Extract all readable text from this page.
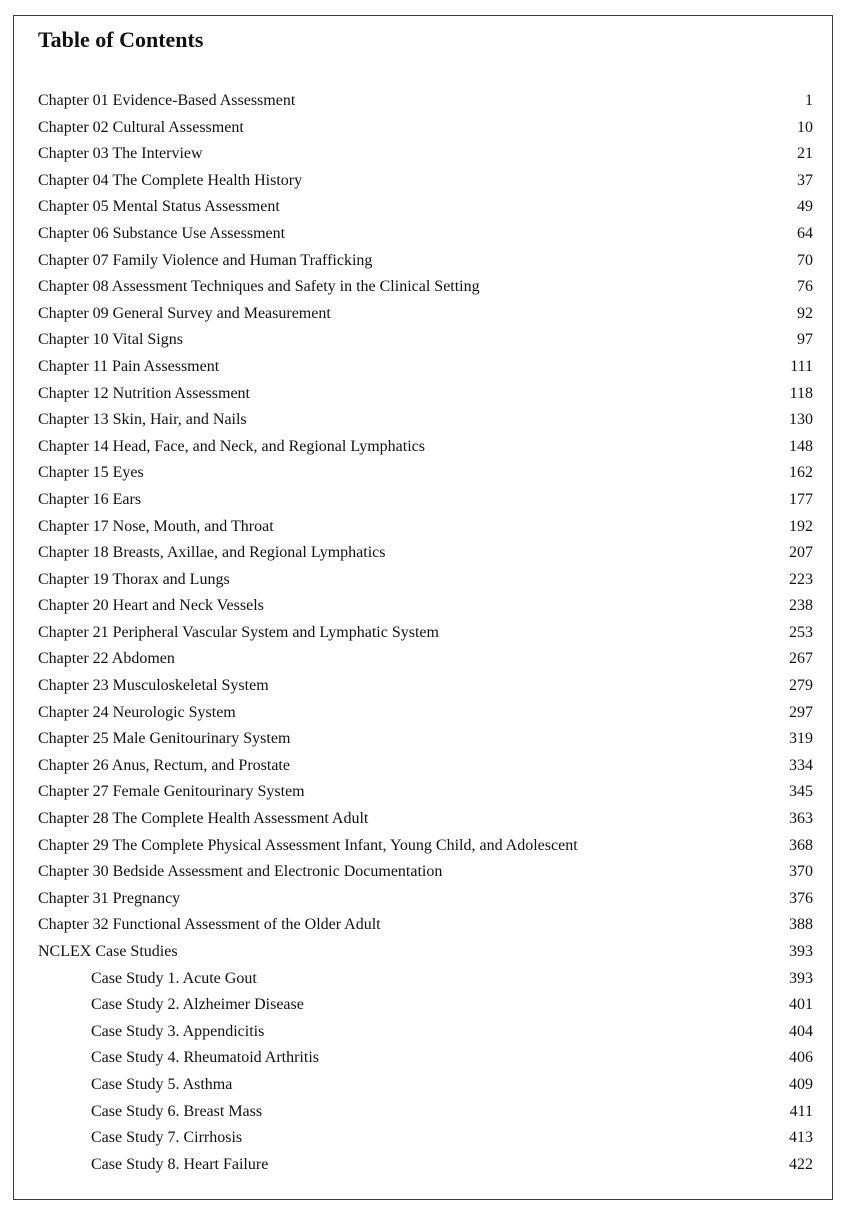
Table of Contents
Chapter 01 Evidence-Based Assessment	1
Chapter 02 Cultural Assessment	10
Chapter 03 The Interview	21
Chapter 04 The Complete Health History	37
Chapter 05 Mental Status Assessment	49
Chapter 06 Substance Use Assessment	64
Chapter 07 Family Violence and Human Trafficking	70
Chapter 08 Assessment Techniques and Safety in the Clinical Setting	76
Chapter 09 General Survey and Measurement	92
Chapter 10 Vital Signs	97
Chapter 11 Pain Assessment	111
Chapter 12 Nutrition Assessment	118
Chapter 13 Skin, Hair, and Nails	130
Chapter 14 Head, Face, and Neck, and Regional Lymphatics	148
Chapter 15 Eyes	162
Chapter 16 Ears	177
Chapter 17 Nose, Mouth, and Throat	192
Chapter 18 Breasts, Axillae, and Regional Lymphatics	207
Chapter 19 Thorax and Lungs	223
Chapter 20 Heart and Neck Vessels	238
Chapter 21 Peripheral Vascular System and Lymphatic System	253
Chapter 22 Abdomen	267
Chapter 23 Musculoskeletal System	279
Chapter 24 Neurologic System	297
Chapter 25 Male Genitourinary System	319
Chapter 26 Anus, Rectum, and Prostate	334
Chapter 27 Female Genitourinary System	345
Chapter 28 The Complete Health Assessment Adult	363
Chapter 29 The Complete Physical Assessment Infant, Young Child, and Adolescent	368
Chapter 30 Bedside Assessment and Electronic Documentation	370
Chapter 31 Pregnancy	376
Chapter 32 Functional Assessment of the Older Adult	388
NCLEX Case Studies	393
Case Study 1. Acute Gout	393
Case Study 2. Alzheimer Disease	401
Case Study 3. Appendicitis	404
Case Study 4. Rheumatoid Arthritis	406
Case Study 5. Asthma	409
Case Study 6. Breast Mass	411
Case Study 7. Cirrhosis	413
Case Study 8. Heart Failure	422
